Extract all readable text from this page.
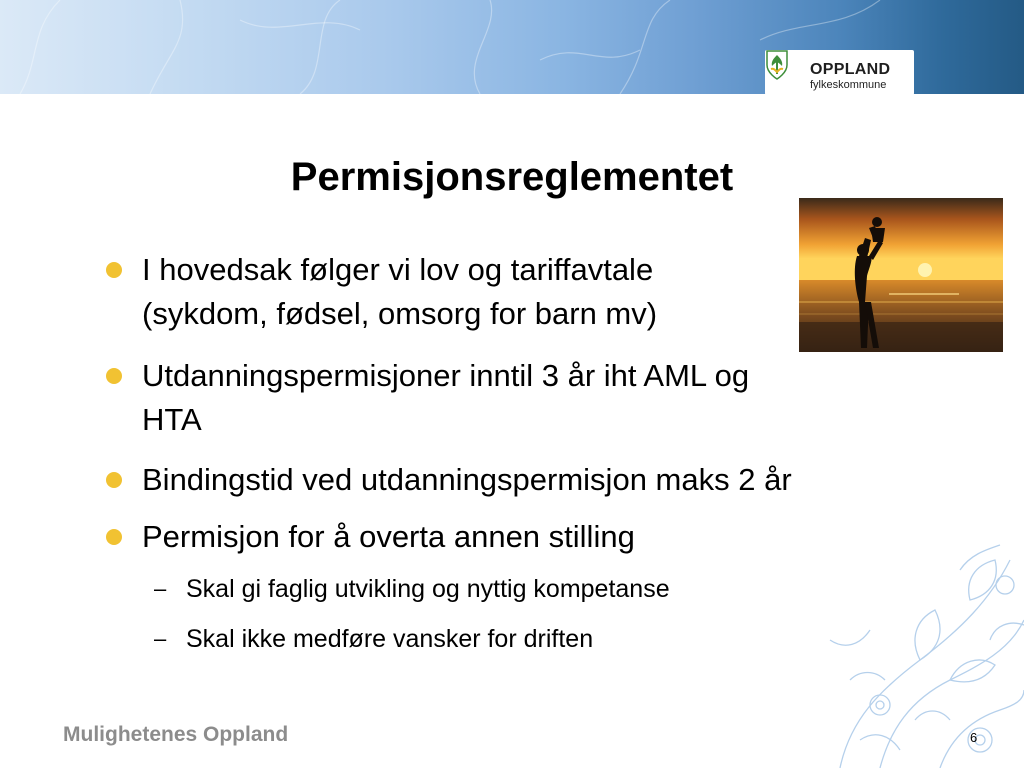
OPPLAND
fylkeskommune
Permisjonsreglementet
I hovedsak følger vi lov og tariffavtale
(sykdom, fødsel, omsorg for barn mv)
Utdanningspermisjoner inntil 3 år iht AML og
HTA
Bindingstid ved utdanningspermisjon maks 2 år
Permisjon for å overta annen stilling
– Skal gi faglig utvikling og nyttig kompetanse
– Skal ikke medføre vansker for driften
Mulighetenes Oppland	6
